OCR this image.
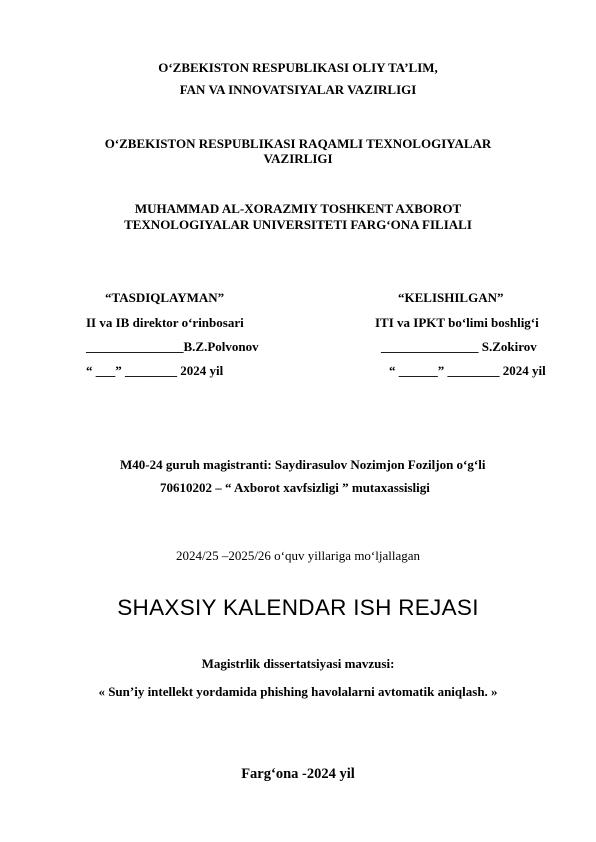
O‘ZBEKISTON RESPUBLIKASI OLIY TA’LIM,
FAN VA INNOVATSIYALAR VAZIRLIGI
O‘ZBEKISTON RESPUBLIKASI RAQAMLI TEXNOLOGIYALAR
VAZIRLIGI
MUHAMMAD AL-XORAZMIY TOSHKENT AXBOROT
TEXNOLOGIYALAR UNIVERSITETI FARG‘ONA FILIALI
“TASDIQLAYMAN”
II va IB direktor o‘rinbosari
_______________B.Z.Polvonov
“ ___” ________ 2024 yil
“KELISHILGAN”
ITI va IPKT bo‘limi boshlig‘i
_______________ S.Zokirov
“ ______” ________ 2024 yil
M40-24 guruh magistranti: Saydirasulov Nozimjon Foziljon o‘g‘li
70610202 – “ Axborot xavfsizligi ” mutaxassisligi
2024/25 –2025/26 o‘quv yillariga mo‘ljallagan
SHAXSIY KALENDAR ISH REJASI
Magistrlik dissertatsiyasi mavzusi:
« Sun’iy intellekt yordamida phishing havolalarni avtomatik aniqlash. »
Farg‘ona -2024 yil
